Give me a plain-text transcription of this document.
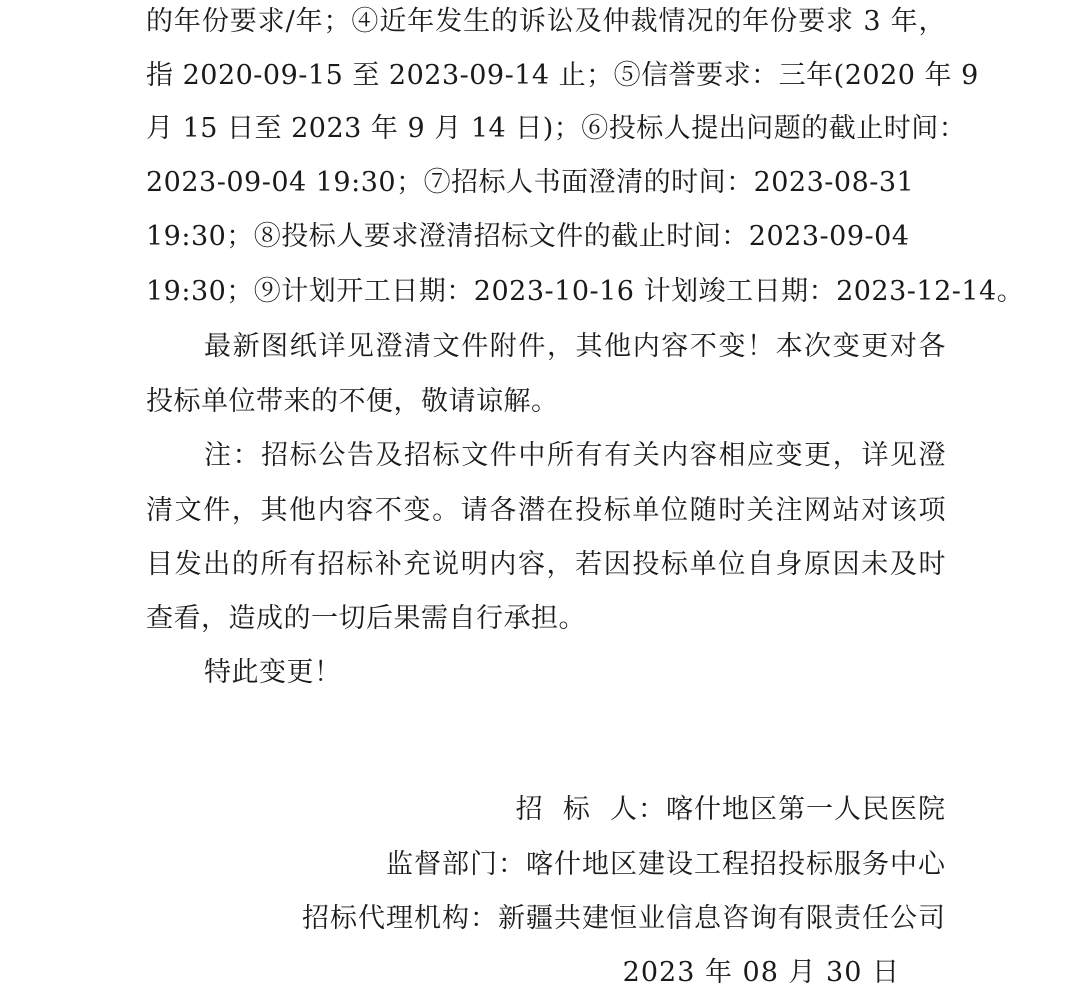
的年份要求/年；④近年发生的诉讼及仲裁情况的年份要求 3 年，
指 2020-09-15 至 2023-09-14 止；⑤信誉要求：三年(2020 年 9
月 15 日至 2023 年 9 月 14 日)；⑥投标人提出问题的截止时间：
2023-09-04 19:30；⑦招标人书面澄清的时间：2023-08-31
19:30；⑧投标人要求澄清招标文件的截止时间：2023-09-04
19:30；⑨计划开工日期：2023-10-16 计划竣工日期：2023-12-14。
最新图纸详见澄清文件附件，其他内容不变！本次变更对各
投标单位带来的不便，敬请谅解。
注：招标公告及招标文件中所有有关内容相应变更，详见澄
清文件，其他内容不变。请各潜在投标单位随时关注网站对该项
目发出的所有招标补充说明内容，若因投标单位自身原因未及时
查看，造成的一切后果需自行承担。
特此变更！
招  标  人：喀什地区第一人民医院
监督部门：喀什地区建设工程招投标服务中心
招标代理机构：新疆共建恒业信息咨询有限责任公司
2023 年 08 月 30 日
